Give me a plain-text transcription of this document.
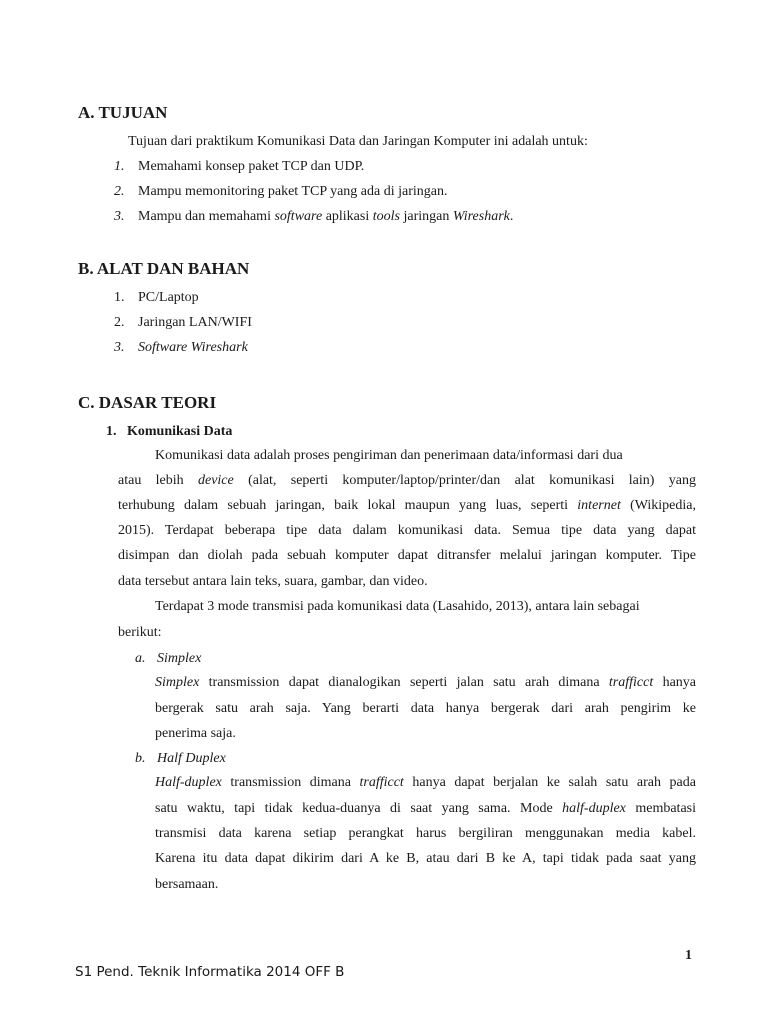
A. TUJUAN
Tujuan dari praktikum Komunikasi Data dan Jaringan Komputer ini adalah untuk:
1. Memahami konsep paket TCP dan UDP.
2. Mampu memonitoring paket TCP yang ada di jaringan.
3. Mampu dan memahami software aplikasi tools jaringan Wireshark.
B. ALAT DAN BAHAN
1. PC/Laptop
2. Jaringan LAN/WIFI
3. Software Wireshark
C. DASAR TEORI
1.   Komunikasi Data
Komunikasi data adalah proses pengiriman dan penerimaan data/informasi dari dua
atau lebih device (alat, seperti komputer/laptop/printer/dan alat komunikasi lain) yang
terhubung dalam sebuah jaringan, baik lokal maupun yang luas, seperti internet (Wikipedia,
2015). Terdapat beberapa tipe data dalam komunikasi data. Semua tipe data yang dapat
disimpan dan diolah pada sebuah komputer dapat ditransfer melalui jaringan komputer. Tipe
data tersebut antara lain teks, suara, gambar, dan video.
Terdapat 3 mode transmisi pada komunikasi data (Lasahido, 2013), antara lain sebagai
berikut:
a. Simplex
Simplex transmission dapat dianalogikan seperti jalan satu arah dimana trafficct hanya
bergerak satu arah saja. Yang berarti data hanya bergerak dari arah pengirim ke
penerima saja.
b. Half Duplex
Half-duplex transmission dimana trafficct hanya dapat berjalan ke salah satu arah pada
satu waktu, tapi tidak kedua-duanya di saat yang sama. Mode half-duplex membatasi
transmisi data karena setiap perangkat harus bergiliran menggunakan media kabel.
Karena itu data dapat dikirim dari A ke B, atau dari B ke A, tapi tidak pada saat yang
bersamaan.
1
S1 Pend. Teknik Informatika 2014 OFF B
